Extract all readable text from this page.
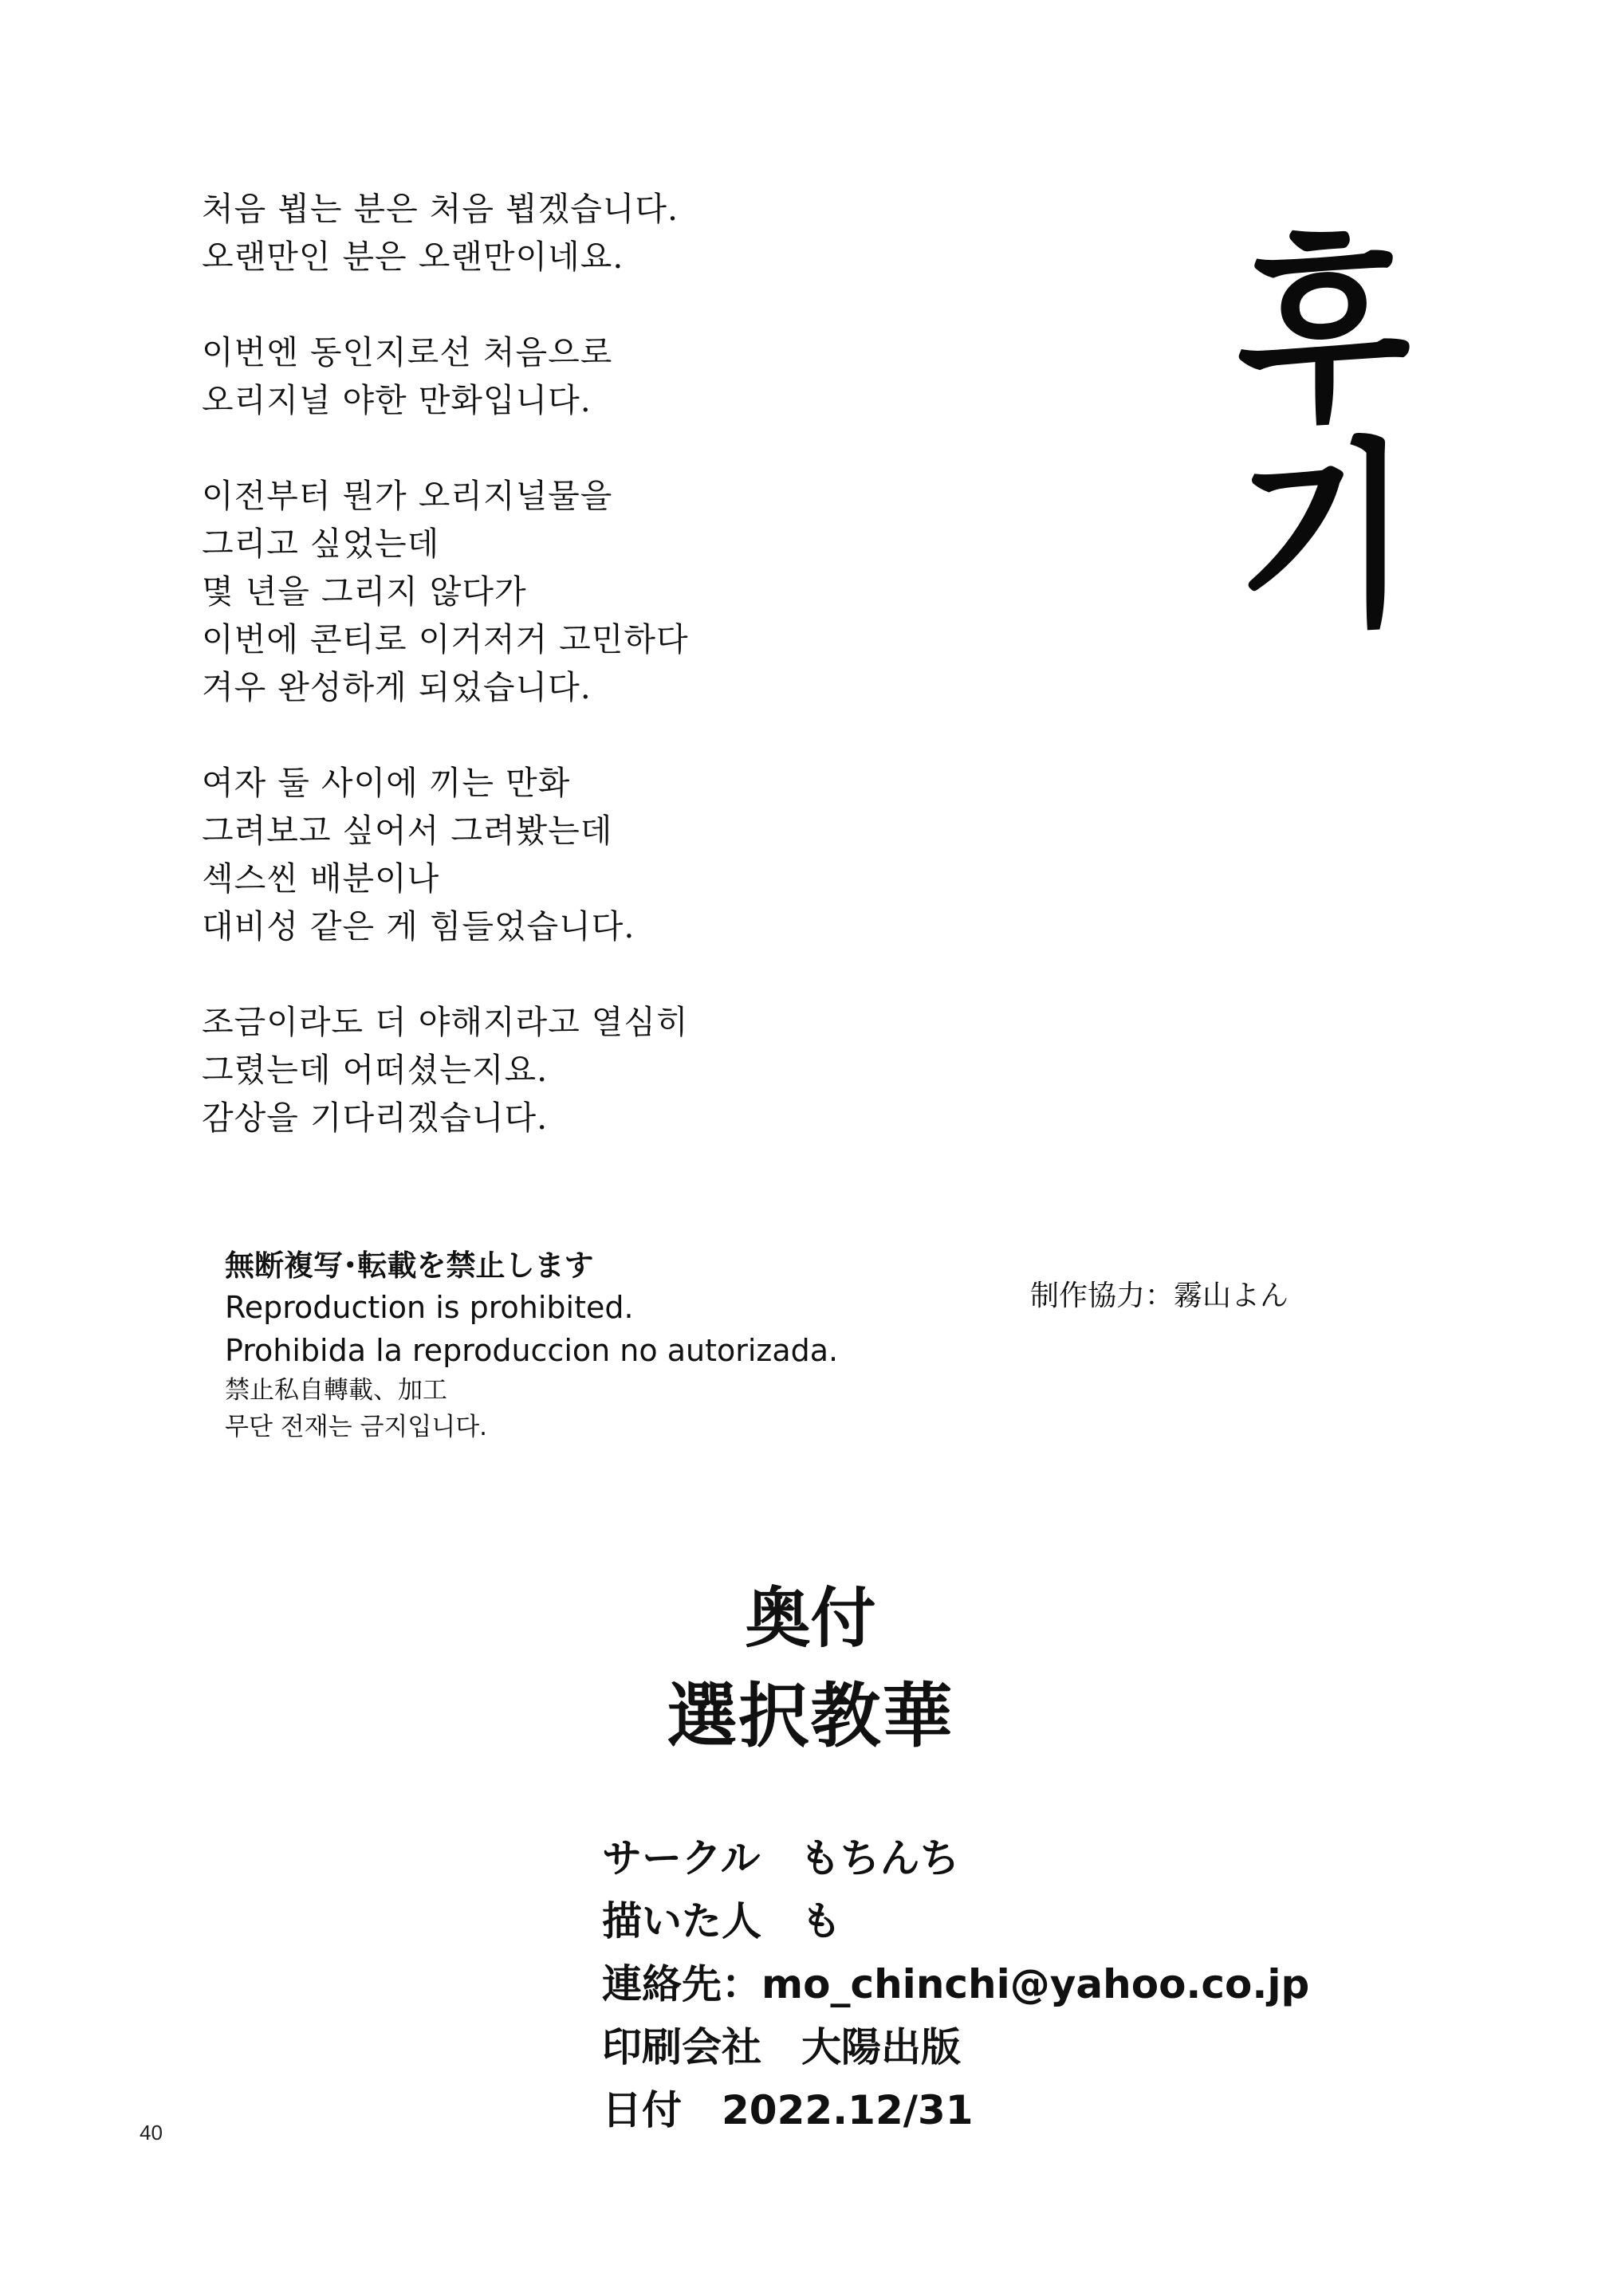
처음 뵙는 분은 처음 뵙겠습니다.
오랜만인 분은 오랜만이네요.
이번엔 동인지로선 처음으로
오리지널 야한 만화입니다.
이전부터 뭔가 오리지널물을
그리고 싶었는데
몇 년을 그리지 않다가
이번에 콘티로 이거저거 고민하다
겨우 완성하게 되었습니다.
여자 둘 사이에 끼는 만화
그려보고 싶어서 그려봤는데
섹스씬 배분이나
대비성 같은 게 힘들었습니다.
조금이라도 더 야해지라고 열심히
그렸는데 어떠셨는지요.
감상을 기다리겠습니다.
후
기
無断複写･転載を禁止します
Reproduction is prohibited.
Prohibida la reproduccion no autorizada.
禁止私自轉載、加工
무단 전재는 금지입니다.
制作協力：霧山よん
奥付
選択教華
サークル もちんち
描いた人 も
連絡先：mo_chinchi@yahoo.co.jp
印刷会社 大陽出版
日付 2022.12/31
40
